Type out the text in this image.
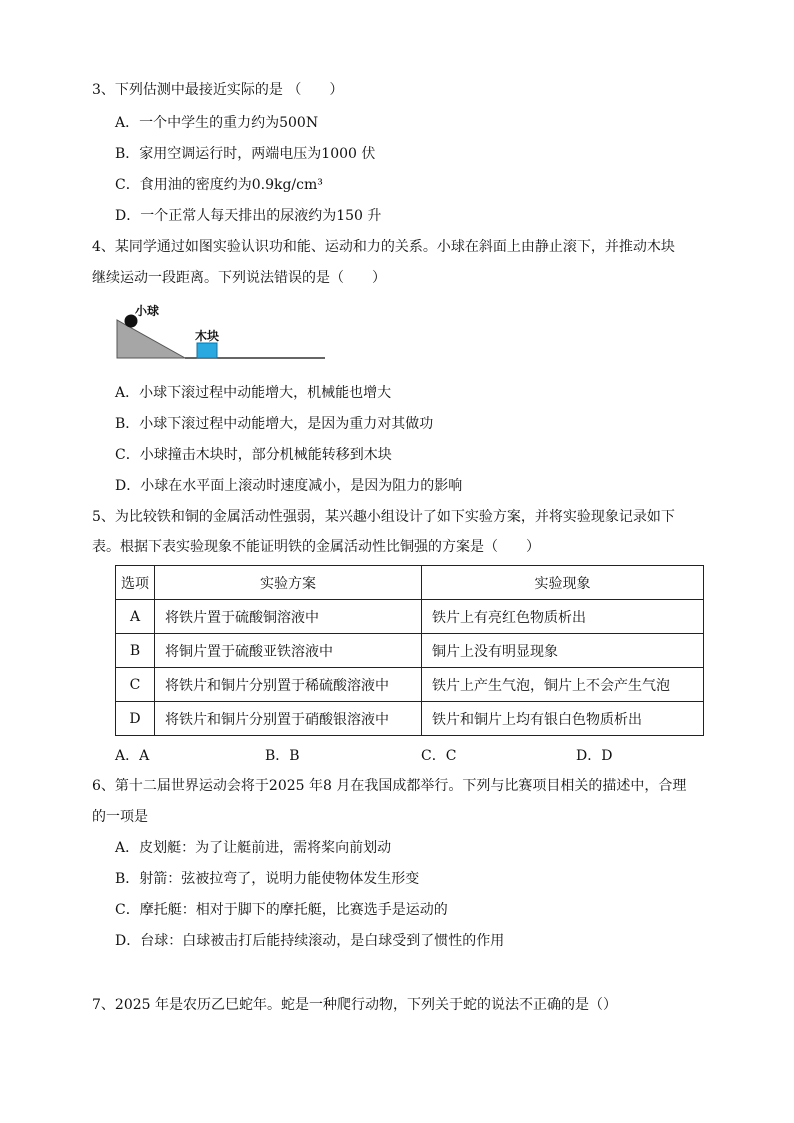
3、下列估测中最接近实际的是 （　　）
A．一个中学生的重力约为500N
B．家用空调运行时，两端电压为1000 伏
C．食用油的密度约为0.9kg/cm³
D．一个正常人每天排出的尿液约为150 升
4、某同学通过如图实验认识功和能、运动和力的关系。小球在斜面上由静止滚下，并推动木块
继续运动一段距离。下列说法错误的是（　　）
小球
木块
A．小球下滚过程中动能增大，机械能也增大
B．小球下滚过程中动能增大，是因为重力对其做功
C．小球撞击木块时，部分机械能转移到木块
D．小球在水平面上滚动时速度减小，是因为阻力的影响
5、为比较铁和铜的金属活动性强弱，某兴趣小组设计了如下实验方案，并将实验现象记录如下
表。根据下表实验现象不能证明铁的金属活动性比铜强的方案是（　　）
选项	实验方案	实验现象
A	将铁片置于硫酸铜溶液中	铁片上有亮红色物质析出
B	将铜片置于硫酸亚铁溶液中	铜片上没有明显现象
C	将铁片和铜片分别置于稀硫酸溶液中	铁片上产生气泡，铜片上不会产生气泡
D	将铁片和铜片分别置于硝酸银溶液中	铁片和铜片上均有银白色物质析出
A．A	B．B	C．C	D．D
6、第十二届世界运动会将于2025 年8 月在我国成都举行。下列与比赛项目相关的描述中，合理
的一项是
A．皮划艇：为了让艇前进，需将桨向前划动
B．射箭：弦被拉弯了，说明力能使物体发生形变
C．摩托艇：相对于脚下的摩托艇，比赛选手是运动的
D．台球：白球被击打后能持续滚动，是白球受到了惯性的作用
7、2025 年是农历乙巳蛇年。蛇是一种爬行动物，下列关于蛇的说法不正确的是（）
